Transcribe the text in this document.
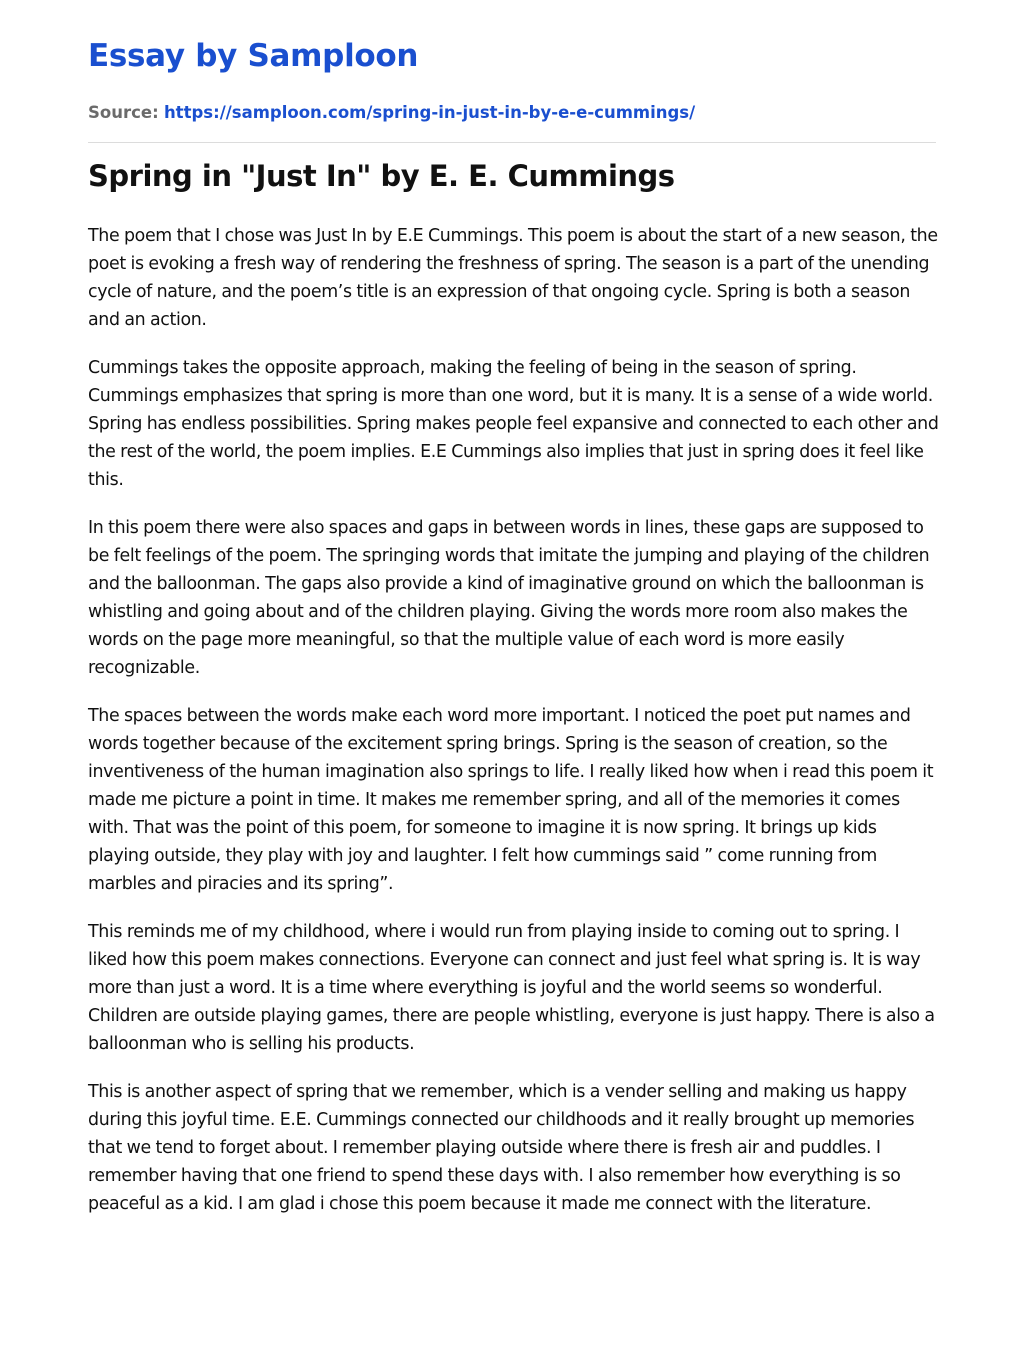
Essay by Samploon
Source: https://samploon.com/spring-in-just-in-by-e-e-cummings/
Spring in "Just In" by E. E. Cummings

The poem that I chose was Just In by E.E Cummings. This poem is about the start of a new season, the poet is evoking a fresh way of rendering the freshness of spring. The season is a part of the unending cycle of nature, and the poem’s title is an expression of that ongoing cycle. Spring is both a season and an action.

Cummings takes the opposite approach, making the feeling of being in the season of spring. Cummings emphasizes that spring is more than one word, but it is many. It is a sense of a wide world. Spring has endless possibilities. Spring makes people feel expansive and connected to each other and the rest of the world, the poem implies. E.E Cummings also implies that just in spring does it feel like this.

In this poem there were also spaces and gaps in between words in lines, these gaps are supposed to be felt feelings of the poem. The springing words that imitate the jumping and playing of the children and the balloonman. The gaps also provide a kind of imaginative ground on which the balloonman is whistling and going about and of the children playing. Giving the words more room also makes the words on the page more meaningful, so that the multiple value of each word is more easily recognizable.

The spaces between the words make each word more important. I noticed the poet put names and words together because of the excitement spring brings. Spring is the season of creation, so the inventiveness of the human imagination also springs to life. I really liked how when i read this poem it made me picture a point in time. It makes me remember spring, and all of the memories it comes with. That was the point of this poem, for someone to imagine it is now spring. It brings up kids playing outside, they play with joy and laughter. I felt how cummings said ” come running from marbles and piracies and its spring”.

This reminds me of my childhood, where i would run from playing inside to coming out to spring. I liked how this poem makes connections. Everyone can connect and just feel what spring is. It is way more than just a word. It is a time where everything is joyful and the world seems so wonderful. Children are outside playing games, there are people whistling, everyone is just happy. There is also a balloonman who is selling his products.

This is another aspect of spring that we remember, which is a vender selling and making us happy during this joyful time. E.E. Cummings connected our childhoods and it really brought up memories that we tend to forget about. I remember playing outside where there is fresh air and puddles. I remember having that one friend to spend these days with. I also remember how everything is so peaceful as a kid. I am glad i chose this poem because it made me connect with the literature.
